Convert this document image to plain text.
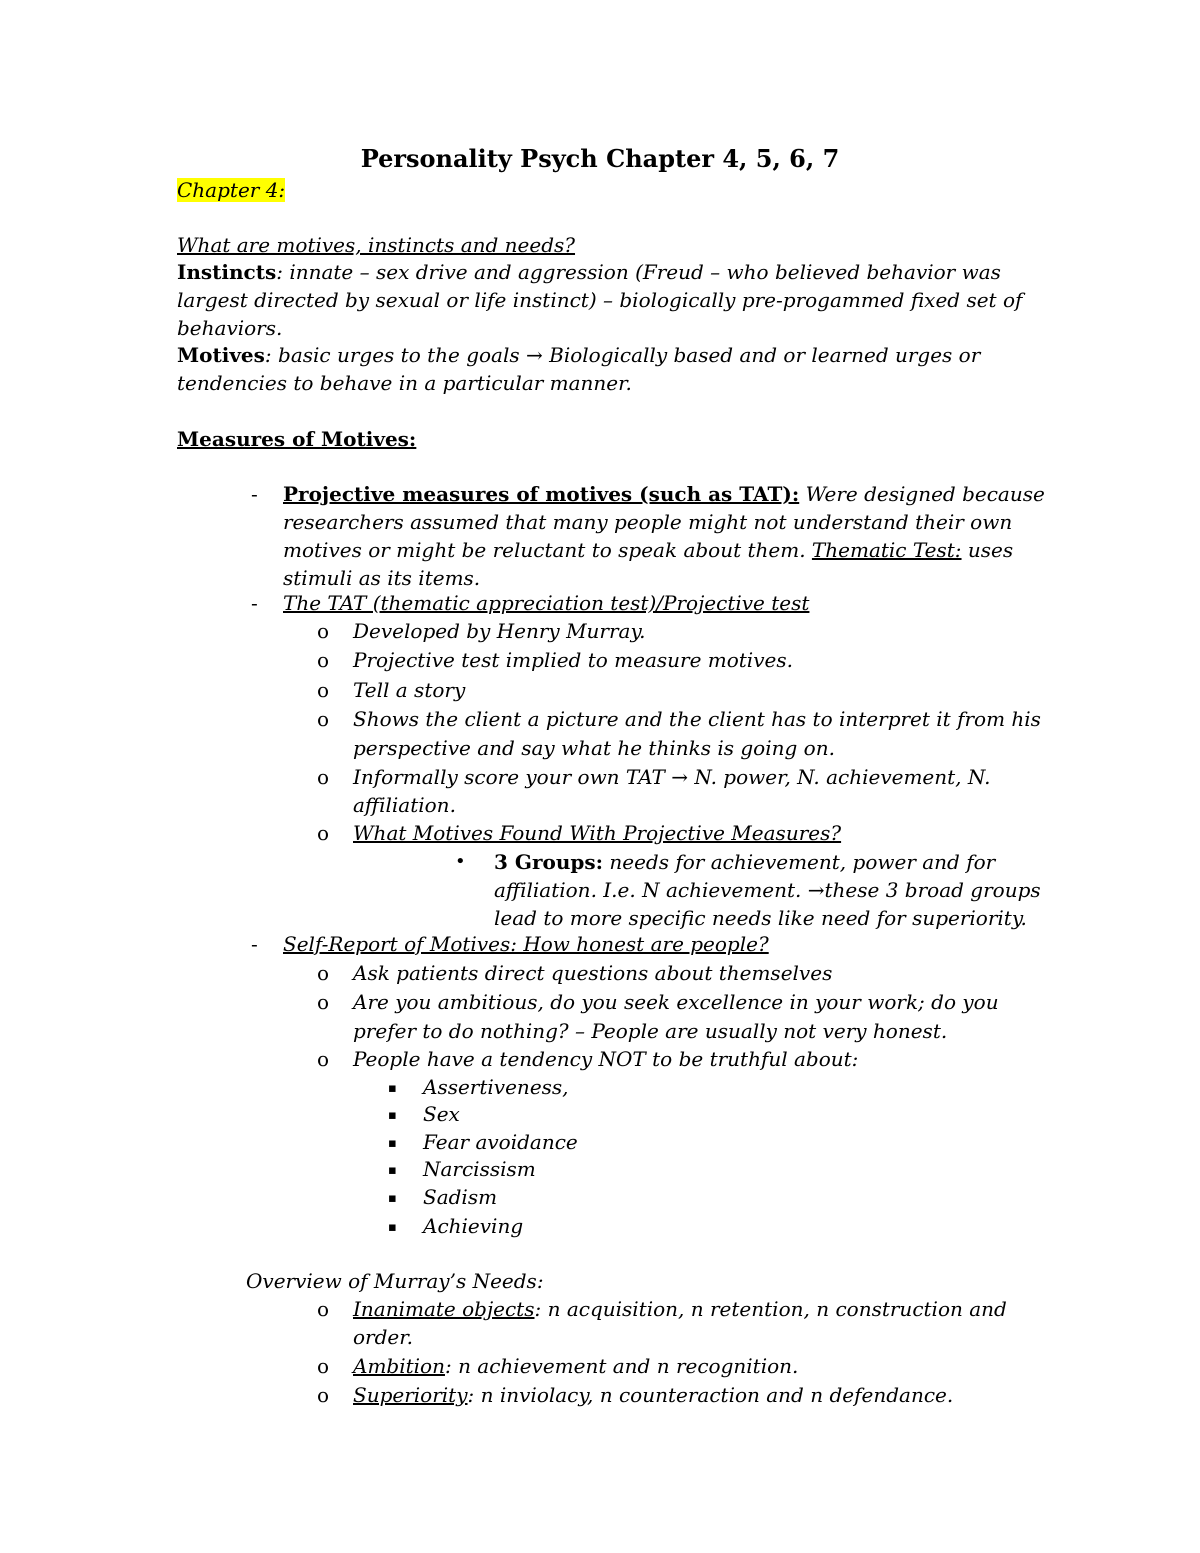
Personality Psych Chapter 4, 5, 6, 7
Chapter 4:
What are motives, instincts and needs?
Instincts: innate – sex drive and aggression (Freud – who believed behavior was
largest directed by sexual or life instinct) – biologically pre-progammed fixed set of
behaviors.
Motives: basic urges to the goals → Biologically based and or learned urges or
tendencies to behave in a particular manner.
Measures of Motives:
- Projective measures of motives (such as TAT): Were designed because
researchers assumed that many people might not understand their own
motives or might be reluctant to speak about them. Thematic Test: uses
stimuli as its items.
- The TAT (thematic appreciation test)/Projective test
o Developed by Henry Murray.
o Projective test implied to measure motives.
o Tell a story
o Shows the client a picture and the client has to interpret it from his
perspective and say what he thinks is going on.
o Informally score your own TAT → N. power, N. achievement, N.
affiliation.
o What Motives Found With Projective Measures?
• 3 Groups: needs for achievement, power and for
affiliation. I.e. N achievement. →these 3 broad groups
lead to more specific needs like need for superiority.
- Self-Report of Motives: How honest are people?
o Ask patients direct questions about themselves
o Are you ambitious, do you seek excellence in your work; do you
prefer to do nothing? – People are usually not very honest.
o People have a tendency NOT to be truthful about:
▪ Assertiveness,
▪ Sex
▪ Fear avoidance
▪ Narcissism
▪ Sadism
▪ Achieving
Overview of Murray’s Needs:
o Inanimate objects: n acquisition, n retention, n construction and
order.
o Ambition: n achievement and n recognition.
o Superiority: n inviolacy, n counteraction and n defendance.
